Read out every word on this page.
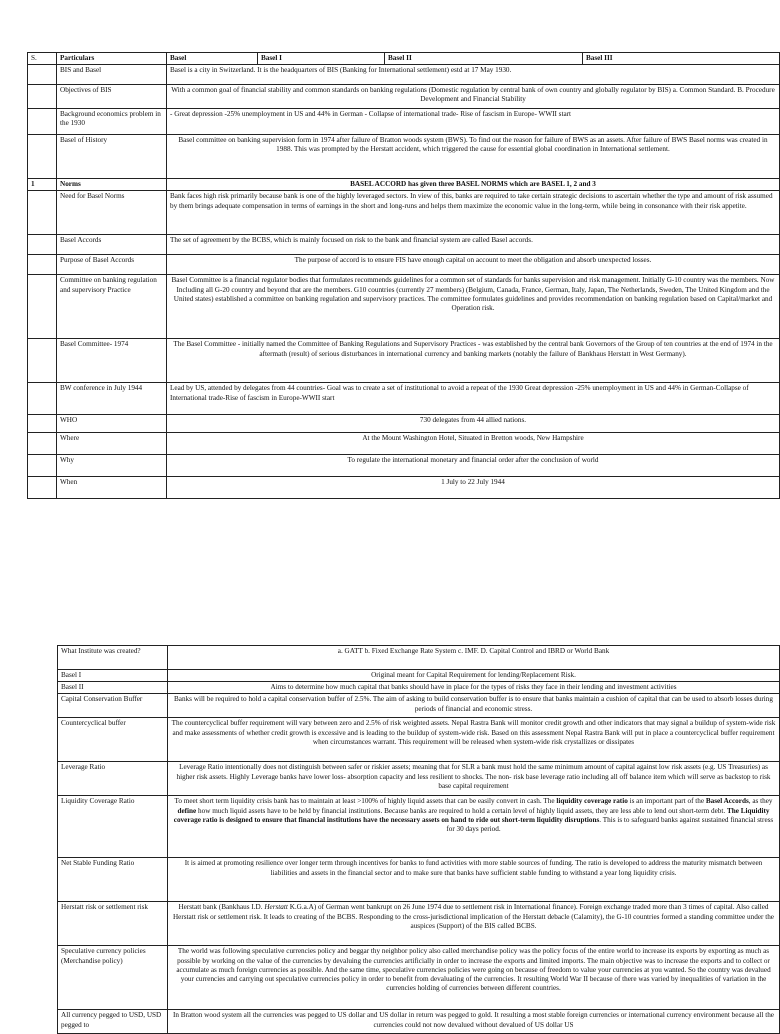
S.	Particulars	Basel	Basel I	Basel II	Basel III
	BIS and Basel	Basel is a city in Switzerland. It is the headquarters of BIS (Banking for International settlement) estd at 17 May 1930.			
	Objectives of BIS	With a common goal of financial stability and common standards on banking regulations (Domestic regulation by central bank of own country and globally regulator by BIS) a. Common Standard. B. Procedure Development and Financial Stability			
	Background economics problem in the 1930	- Great depression -25% unemployment in US and 44% in German - Collapse of international trade- Rise of fascism in Europe- WWII start			
	Basel of History	Basel committee on banking supervision form in 1974 after failure of Bratton woods system (BWS). To find out the reason for failure of BWS as an assets. After failure of BWS Basel norms was created in 1988. This was prompted by the Herstatt accident, which triggered the cause for essential global coordination in International settlement.			
1	Norms	BASEL ACCORD has given three BASEL NORMS which are BASEL 1, 2 and 3			
	Need for Basel Norms	Bank faces high risk primarily because bank is one of the highly leveraged sectors. In view of this, banks are required to take certain strategic decisions to ascertain whether the type and amount of risk assumed by them brings adequate compensation in terms of earnings in the short and long-runs and helps them maximize the economic value in the long-term, while being in consonance with their risk appetite.			
	Basel Accords	The set of agreement by the BCBS, which is mainly focused on risk to the bank and financial system are called Basel accords.			
	Purpose of Basel Accords	The purpose of accord is to ensure FIS have enough capital on account to meet the obligation and absorb unexpected losses.			
	Committee on banking regulation and supervisory Practice	Basel Committee is a financial regulator bodies that formulates recommends guidelines for a common set of standards for banks supervision and risk management. Initially G-10 country was the members. Now Including all G-20 country and beyond that are the members. G10 countries (currently 27 members) (Belgium, Canada, France, German, Italy, Japan, The Netherlands, Sweden, The United Kingdom and the United states) established a committee on banking regulation and supervisory practices. The committee formulates guidelines and provides recommendation on banking regulation based on Capital/market and Operation risk.			
	Basel Committee- 1974	The Basel Committee - initially named the Committee of Banking Regulations and Supervisory Practices - was established by the central bank Governors of the Group of ten countries at the end of 1974 in the aftermath (result) of serious disturbances in international currency and banking markets (notably the failure of Bankhaus Herstatt in West Germany).			
	BW conference in July 1944	Lead by US, attended by delegates from 44 countries- Goal was to create a set of institutional to avoid a repeat of the 1930 Great depression -25% unemployment in US and 44% in German-Collapse of International trade-Rise of fascism in Europe-WWII start			
	WHO	730 delegates from 44 allied nations.			
	Where	At the Mount Washington Hotel, Situated in Bretton woods, New Hampshire			
	Why	To regulate the international monetary and financial order after the conclusion of world			
	When	1 July to 22 July 1944			
What Institute was created?	a. GATT b. Fixed Exchange Rate System c. IMF. D. Capital Control and IBRD or World Bank
Basel I	Original meant for Capital Requirement for lending/Replacement Risk.
Basel II	Aims to determine how much capital that banks should have in place for the types of risks they face in their lending and investment activities
Capital Conservation Buffer	Banks will be required to hold a capital conservation buffer of 2.5%. The aim of asking to build conservation buffer is to ensure that banks maintain a cushion of capital that can be used to absorb losses during periods of financial and economic stress.
Countercyclical buffer	The countercyclical buffer requirement will vary between zero and 2.5% of risk weighted assets. Nepal Rastra Bank will monitor credit growth and other indicators that may signal a buildup of system-wide risk and make assessments of whether credit growth is excessive and is leading to the buildup of system-wide risk. Based on this assessment Nepal Rastra Bank will put in place a countercyclical buffer requirement when circumstances warrant. This requirement will be released when system-wide risk crystallizes or dissipates
Leverage Ratio	Leverage Ratio intentionally does not distinguish between safer or riskier assets; meaning that for SLR a bank must hold the same minimum amount of capital against low risk assets (e.g. US Treasuries) as higher risk assets. Highly Leverage banks have lower loss- absorption capacity and less resilient to shocks. The non- risk base leverage ratio including all off balance item which will serve as backstop to risk base capital requirement
Liquidity Coverage Ratio	To meet short term liquidity crisis bank has to maintain at least >100% of highly liquid assets that can be easily convert in cash. The liquidity coverage ratio is an important part of the Basel Accords, as they define how much liquid assets have to be held by financial institutions. Because banks are required to hold a certain level of highly liquid assets, they are less able to lend out short-term debt. The Liquidity coverage ratio is designed to ensure that financial institutions have the necessary assets on hand to ride out short-term liquidity disruptions. This is to safeguard banks against sustained financial stress for 30 days period.
Net Stable Funding Ratio	It is aimed at promoting resilience over longer term through incentives for banks to fund activities with more stable sources of funding. The ratio is developed to address the maturity mismatch between liabilities and assets in the financial sector and to make sure that banks have sufficient stable funding to withstand a year long liquidity crisis.
Herstatt risk or settlement risk	Herstatt bank (Bankhaus I.D. Herstatt K.G.a.A) of German went bankrupt on 26 June 1974 due to settlement risk in International finance). Foreign exchange traded more than 3 times of capital. Also called Herstatt risk or settlement risk. It leads to creating of the BCBS. Responding to the cross-jurisdictional implication of the Herstatt debacle (Calamity), the G-10 countries formed a standing committee under the auspices (Support) of the BIS called BCBS.
Speculative currency policies (Merchandise policy)	The world was following speculative currencies policy and beggar thy neighbor policy also called merchandise policy was the policy focus of the entire world to increase its exports by exporting as much as possible by working on the value of the currencies by devaluing the currencies artificially in order to increase the exports and limited imports. The main objective was to increase the exports and to collect or accumulate as much foreign currencies as possible. And the same time, speculative currencies policies were going on because of freedom to value your currencies at you wanted. So the country was devalued your currencies and carrying out speculative currencies policy in order to benefit from devaluating of the currencies. It resulting World War II because of there was varied by inequalities of variation in the currencies holding of currencies between different countries.
All currency pegged to USD, USD pegged to	In Bratton wood system all the currencies was pegged to US dollar and US dollar in return was pegged to gold. It resulting a most stable foreign currencies or international currency environment because all the currencies could not now devalued without devalued of US dollar US
